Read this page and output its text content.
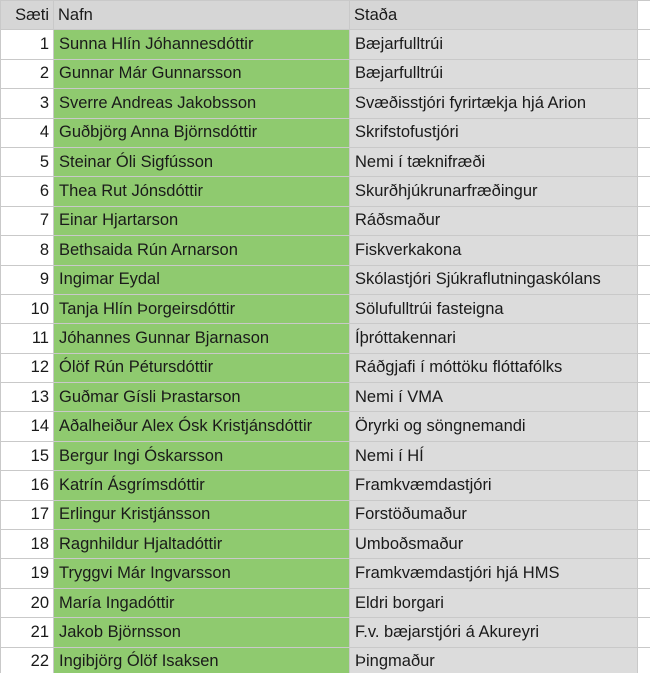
Sæti	Nafn	Staða	
1	Sunna Hlín Jóhannesdóttir	Bæjarfulltrúi	
2	Gunnar Már Gunnarsson	Bæjarfulltrúi	
3	Sverre Andreas Jakobsson	Svæðisstjóri fyrirtækja hjá Arion	
4	Guðbjörg Anna Björnsdóttir	Skrifstofustjóri	
5	Steinar Óli Sigfússon	Nemi í tæknifræði	
6	Thea Rut Jónsdóttir	Skurðhjúkrunarfræðingur	
7	Einar Hjartarson	Ráðsmaður	
8	Bethsaida Rún Arnarson	Fiskverkakona	
9	Ingimar Eydal	Skólastjóri Sjúkraflutningaskólans	
10	Tanja Hlín Þorgeirsdóttir	Sölufulltrúi fasteigna	
11	Jóhannes Gunnar Bjarnason	Íþróttakennari	
12	Ólöf Rún Pétursdóttir	Ráðgjafi í móttöku flóttafólks	
13	Guðmar Gísli Þrastarson	Nemi í VMA	
14	Aðalheiður Alex Ósk Kristjánsdóttir	Öryrki og söngnemandi	
15	Bergur Ingi Óskarsson	Nemi í HÍ	
16	Katrín Ásgrímsdóttir	Framkvæmdastjóri	
17	Erlingur Kristjánsson	Forstöðumaður	
18	Ragnhildur Hjaltadóttir	Umboðsmaður	
19	Tryggvi Már Ingvarsson	Framkvæmdastjóri hjá HMS	
20	María Ingadóttir	Eldri borgari	
21	Jakob Björnsson	F.v. bæjarstjóri á Akureyri	
22	Ingibjörg Ólöf Isaksen	Þingmaður	
